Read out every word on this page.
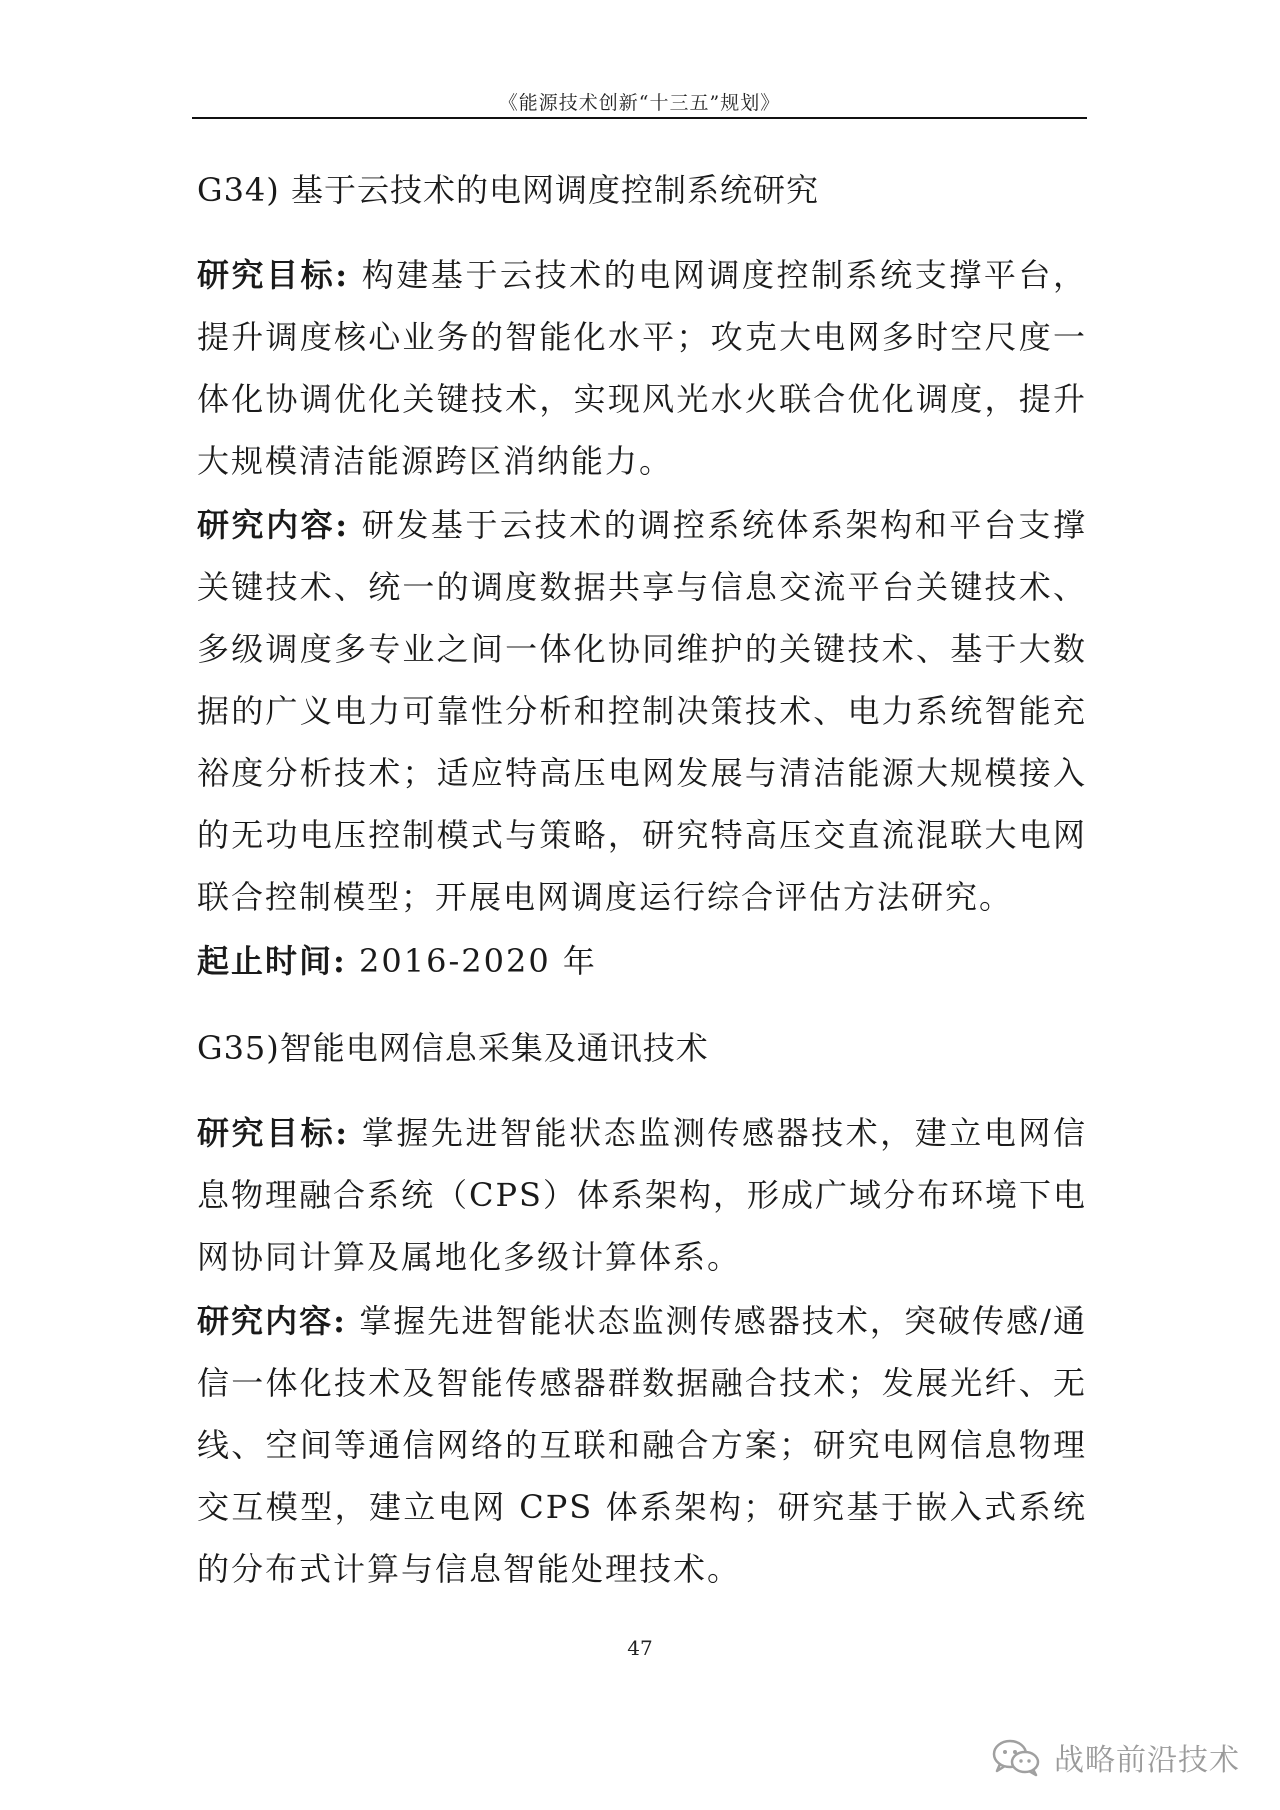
《能源技术创新“十三五”规划》
G34) 基于云技术的电网调度控制系统研究

研究目标: 构建基于云技术的电网调度控制系统支撑平台，提升调度核心业务的智能化水平；攻克大电网多时空尺度一体化协调优化关键技术，实现风光水火联合优化调度，提升大规模清洁能源跨区消纳能力。

研究内容: 研发基于云技术的调控系统体系架构和平台支撑关键技术、统一的调度数据共享与信息交流平台关键技术、多级调度多专业之间一体化协同维护的关键技术、基于大数据的广义电力可靠性分析和控制决策技术、电力系统智能充裕度分析技术；适应特高压电网发展与清洁能源大规模接入的无功电压控制模式与策略，研究特高压交直流混联大电网联合控制模型；开展电网调度运行综合评估方法研究。

起止时间: 2016-2020 年

G35)智能电网信息采集及通讯技术

研究目标: 掌握先进智能状态监测传感器技术，建立电网信息物理融合系统（CPS）体系架构，形成广域分布环境下电网协同计算及属地化多级计算体系。

研究内容: 掌握先进智能状态监测传感器技术，突破传感/通信一体化技术及智能传感器群数据融合技术；发展光纤、无线、空间等通信网络的互联和融合方案；研究电网信息物理交互模型，建立电网 CPS 体系架构；研究基于嵌入式系统的分布式计算与信息智能处理技术。

47
战略前沿技术
